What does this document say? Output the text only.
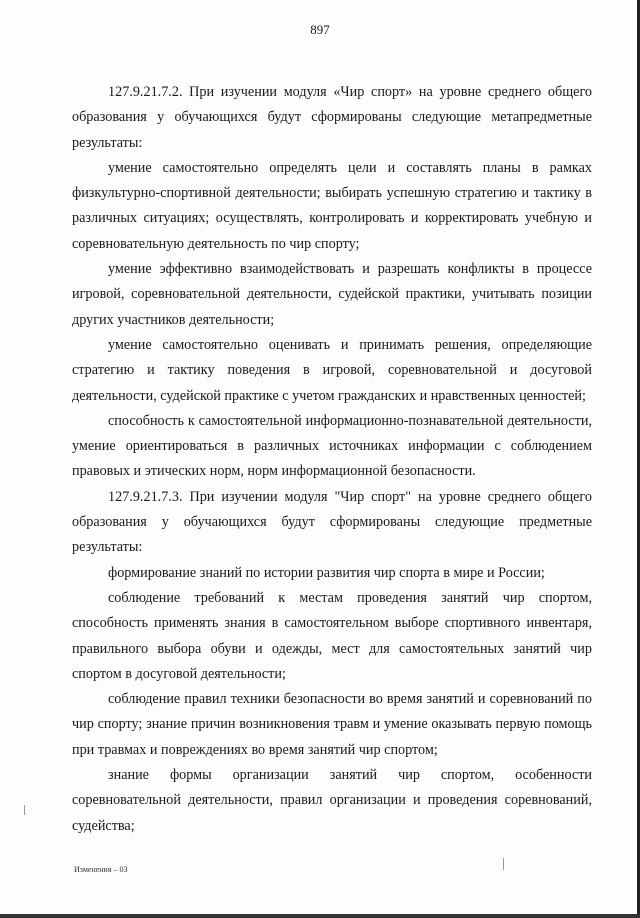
897

127.9.21.7.2. При изучении модуля «Чир спорт» на уровне среднего общего образования у обучающихся будут сформированы следующие метапредметные результаты:

умение самостоятельно определять цели и составлять планы в рамках физкультурно-спортивной деятельности; выбирать успешную стратегию и тактику в различных ситуациях; осуществлять, контролировать и корректировать учебную и соревновательную деятельность по чир спорту;

умение эффективно взаимодействовать и разрешать конфликты в процессе игровой, соревновательной деятельности, судейской практики, учитывать позиции других участников деятельности;

умение самостоятельно оценивать и принимать решения, определяющие стратегию и тактику поведения в игровой, соревновательной и досуговой деятельности, судейской практике с учетом гражданских и нравственных ценностей;

способность к самостоятельной информационно-познавательной деятельности, умение ориентироваться в различных источниках информации с соблюдением правовых и этических норм, норм информационной безопасности.

127.9.21.7.3. При изучении модуля "Чир спорт" на уровне среднего общего образования у обучающихся будут сформированы следующие предметные результаты:

формирование знаний по истории развития чир спорта в мире и России;

соблюдение требований к местам проведения занятий чир спортом, способность применять знания в самостоятельном выборе спортивного инвентаря, правильного выбора обуви и одежды, мест для самостоятельных занятий чир спортом в досуговой деятельности;

соблюдение правил техники безопасности во время занятий и соревнований по чир спорту; знание причин возникновения травм и умение оказывать первую помощь при травмах и повреждениях во время занятий чир спортом;

знание формы организации занятий чир спортом, особенности соревновательной деятельности, правил организации и проведения соревнований, судейства;

Изменения – 03
